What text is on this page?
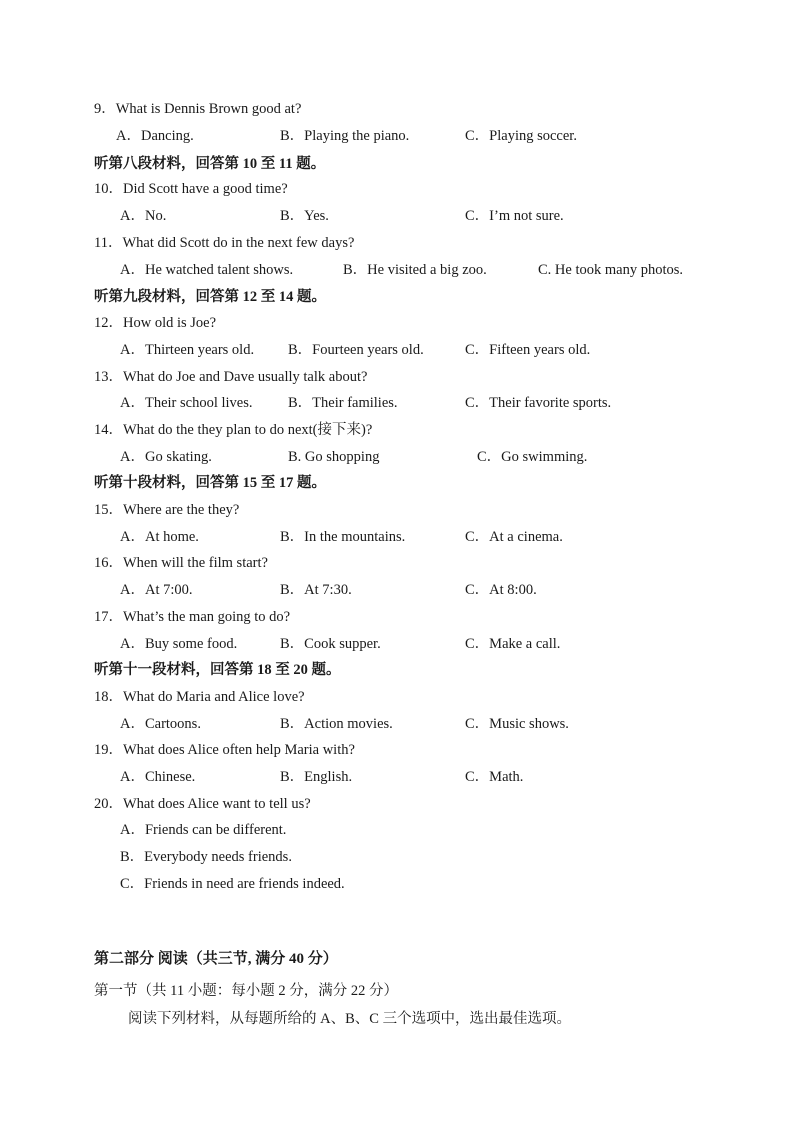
9．What is Dennis Brown good at?
A．Dancing.	B．Playing the piano.	C．Playing soccer.
听第八段材料，回答第 10 至 11 题。
10．Did Scott have a good time?
A．No.	B．Yes.	C．I’m not sure.
11．What did Scott do in the next few days?
A．He watched talent shows.	B．He visited a big zoo.	C. He took many photos.
听第九段材料，回答第 12 至 14 题。
12．How old is Joe?
A．Thirteen years old. B．Fourteen years old.	C．Fifteen years old.
13．What do Joe and Dave usually talk about?
A．Their school lives. B．Their families.	C．Their favorite sports.
14．What do the they plan to do next(接下来)?
A．Go skating.	B. Go shopping	C．Go swimming.
听第十段材料，回答第 15 至 17 题。
15．Where are the they?
A．At home.	B．In the mountains.	C．At a cinema.
16．When will the film start?
A．At 7:00.	B．At 7:30.	C．At 8:00.
17．What’s the man going to do?
A．Buy some food.	B．Cook supper.	C．Make a call.
听第十一段材料，回答第 18 至 20 题。
18．What do Maria and Alice love?
A．Cartoons.	B．Action movies.	C．Music shows.
19．What does Alice often help Maria with?
A．Chinese.	B．English.	C．Math.
20．What does Alice want to tell us?
A．Friends can be different.
B．Everybody needs friends.
C．Friends in need are friends indeed.
第二部分 阅读（共三节, 满分 40 分）
第一节（共 11 小题：每小题 2 分，满分 22 分）
阅读下列材料，从每题所给的 A、B、C 三个选项中，选出最佳选项。
